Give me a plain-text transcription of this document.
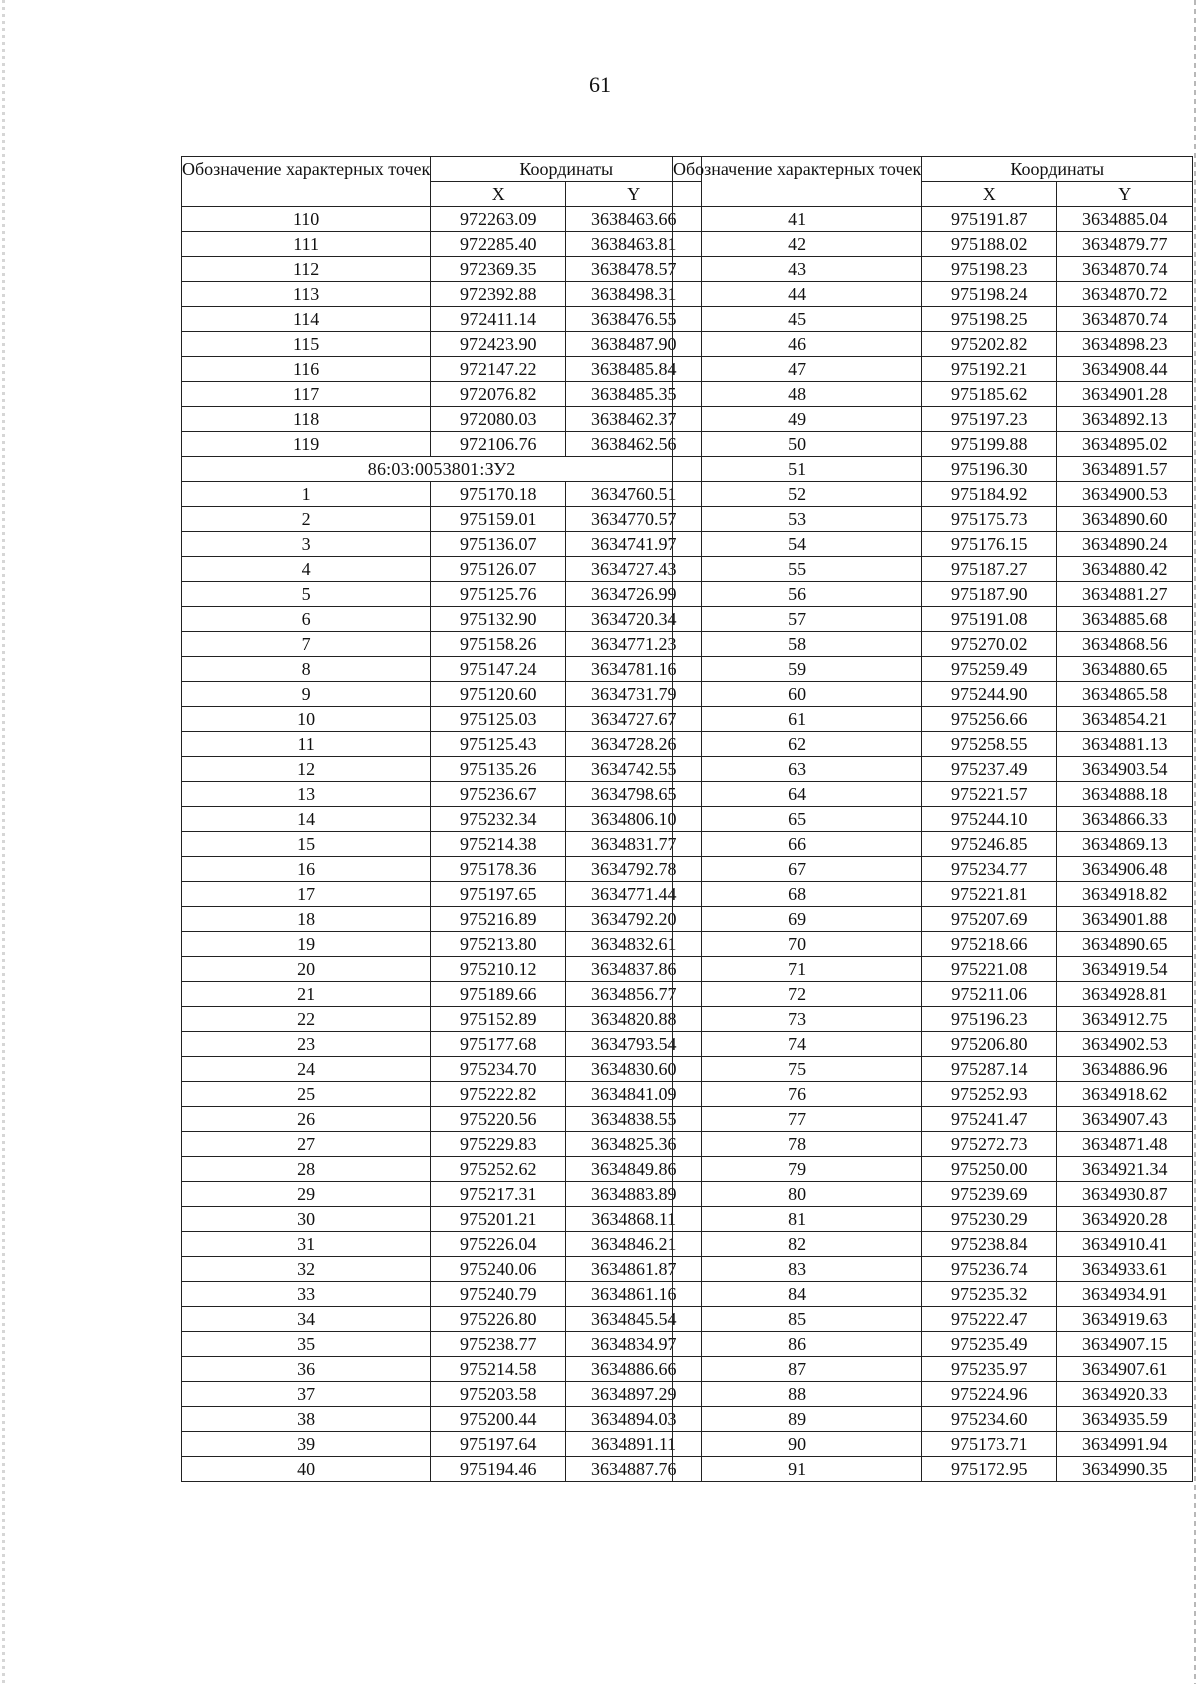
61
Обозначение характерных точек	Координаты	
	X	Y
110	972263.09	3638463.66
111	972285.40	3638463.81
112	972369.35	3638478.57
113	972392.88	3638498.31
114	972411.14	3638476.55
115	972423.90	3638487.90
116	972147.22	3638485.84
117	972076.82	3638485.35
118	972080.03	3638462.37
119	972106.76	3638462.56
86:03:0053801:ЗУ2		
1	975170.18	3634760.51
2	975159.01	3634770.57
3	975136.07	3634741.97
4	975126.07	3634727.43
5	975125.76	3634726.99
6	975132.90	3634720.34
7	975158.26	3634771.23
8	975147.24	3634781.16
9	975120.60	3634731.79
10	975125.03	3634727.67
11	975125.43	3634728.26
12	975135.26	3634742.55
13	975236.67	3634798.65
14	975232.34	3634806.10
15	975214.38	3634831.77
16	975178.36	3634792.78
17	975197.65	3634771.44
18	975216.89	3634792.20
19	975213.80	3634832.61
20	975210.12	3634837.86
21	975189.66	3634856.77
22	975152.89	3634820.88
23	975177.68	3634793.54
24	975234.70	3634830.60
25	975222.82	3634841.09
26	975220.56	3634838.55
27	975229.83	3634825.36
28	975252.62	3634849.86
29	975217.31	3634883.89
30	975201.21	3634868.11
31	975226.04	3634846.21
32	975240.06	3634861.87
33	975240.79	3634861.16
34	975226.80	3634845.54
35	975238.77	3634834.97
36	975214.58	3634886.66
37	975203.58	3634897.29
38	975200.44	3634894.03
39	975197.64	3634891.11
40	975194.46	3634887.76
Обозначение характерных точек	Координаты	
	X	Y
41	975191.87	3634885.04
42	975188.02	3634879.77
43	975198.23	3634870.74
44	975198.24	3634870.72
45	975198.25	3634870.74
46	975202.82	3634898.23
47	975192.21	3634908.44
48	975185.62	3634901.28
49	975197.23	3634892.13
50	975199.88	3634895.02
51	975196.30	3634891.57
52	975184.92	3634900.53
53	975175.73	3634890.60
54	975176.15	3634890.24
55	975187.27	3634880.42
56	975187.90	3634881.27
57	975191.08	3634885.68
58	975270.02	3634868.56
59	975259.49	3634880.65
60	975244.90	3634865.58
61	975256.66	3634854.21
62	975258.55	3634881.13
63	975237.49	3634903.54
64	975221.57	3634888.18
65	975244.10	3634866.33
66	975246.85	3634869.13
67	975234.77	3634906.48
68	975221.81	3634918.82
69	975207.69	3634901.88
70	975218.66	3634890.65
71	975221.08	3634919.54
72	975211.06	3634928.81
73	975196.23	3634912.75
74	975206.80	3634902.53
75	975287.14	3634886.96
76	975252.93	3634918.62
77	975241.47	3634907.43
78	975272.73	3634871.48
79	975250.00	3634921.34
80	975239.69	3634930.87
81	975230.29	3634920.28
82	975238.84	3634910.41
83	975236.74	3634933.61
84	975235.32	3634934.91
85	975222.47	3634919.63
86	975235.49	3634907.15
87	975235.97	3634907.61
88	975224.96	3634920.33
89	975234.60	3634935.59
90	975173.71	3634991.94
91	975172.95	3634990.35
